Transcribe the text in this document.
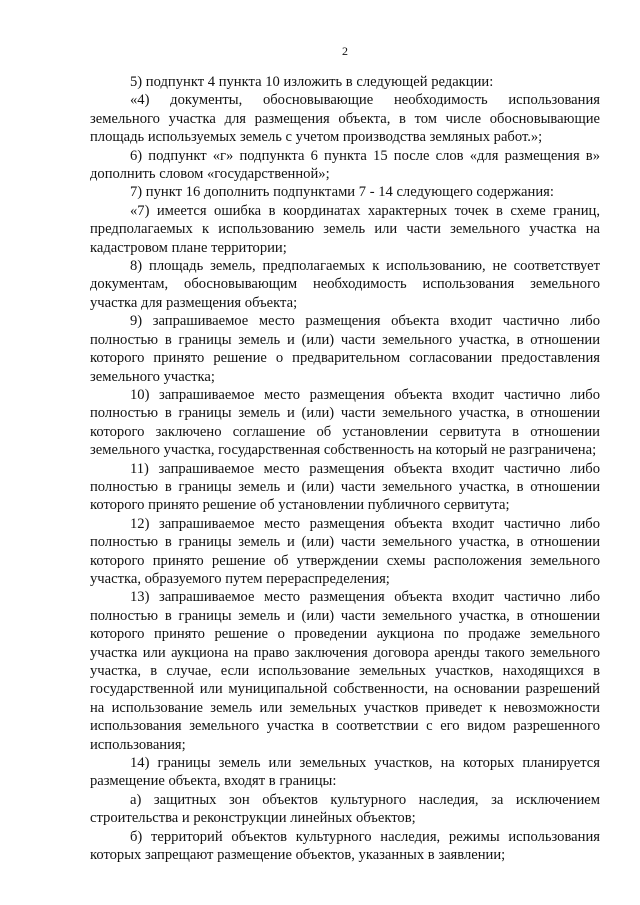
2

5) подпункт 4 пункта 10 изложить в следующей редакции:

«4) документы, обосновывающие необходимость использования земельного участка для размещения объекта, в том числе обосновывающие площадь используемых земель с учетом производства земляных работ.»;

6) подпункт «г» подпункта 6 пункта 15 после слов «для размещения в» дополнить словом «государственной»;

7) пункт 16 дополнить подпунктами 7 - 14 следующего содержания:

«7) имеется ошибка в координатах характерных точек в схеме границ, предполагаемых к использованию земель или части земельного участка на кадастровом плане территории;

8) площадь земель, предполагаемых к использованию, не соответствует документам, обосновывающим необходимость использования земельного участка для размещения объекта;

9) запрашиваемое место размещения объекта входит частично либо полностью в границы земель и (или) части земельного участка, в отношении которого принято решение о предварительном согласовании предоставления земельного участка;

10) запрашиваемое место размещения объекта входит частично либо полностью в границы земель и (или) части земельного участка, в отношении которого заключено соглашение об установлении сервитута в отношении земельного участка, государственная собственность на который не разграничена;

11) запрашиваемое место размещения объекта входит частично либо полностью в границы земель и (или) части земельного участка, в отношении которого принято решение об установлении публичного сервитута;

12) запрашиваемое место размещения объекта входит частично либо полностью в границы земель и (или) части земельного участка, в отношении которого принято решение об утверждении схемы расположения земельного участка, образуемого путем перераспределения;

13) запрашиваемое место размещения объекта входит частично либо полностью в границы земель и (или) части земельного участка, в отношении которого принято решение о проведении аукциона по продаже земельного участка или аукциона на право заключения договора аренды такого земельного участка, в случае, если использование земельных участков, находящихся в государственной или муниципальной собственности, на основании разрешений на использование земель или земельных участков приведет к невозможности использования земельного участка в соответствии с его видом разрешенного использования;

14) границы земель или земельных участков, на которых планируется размещение объекта, входят в границы:

а) защитных зон объектов культурного наследия, за исключением строительства и реконструкции линейных объектов;

б) территорий объектов культурного наследия, режимы использования которых запрещают размещение объектов, указанных в заявлении;
